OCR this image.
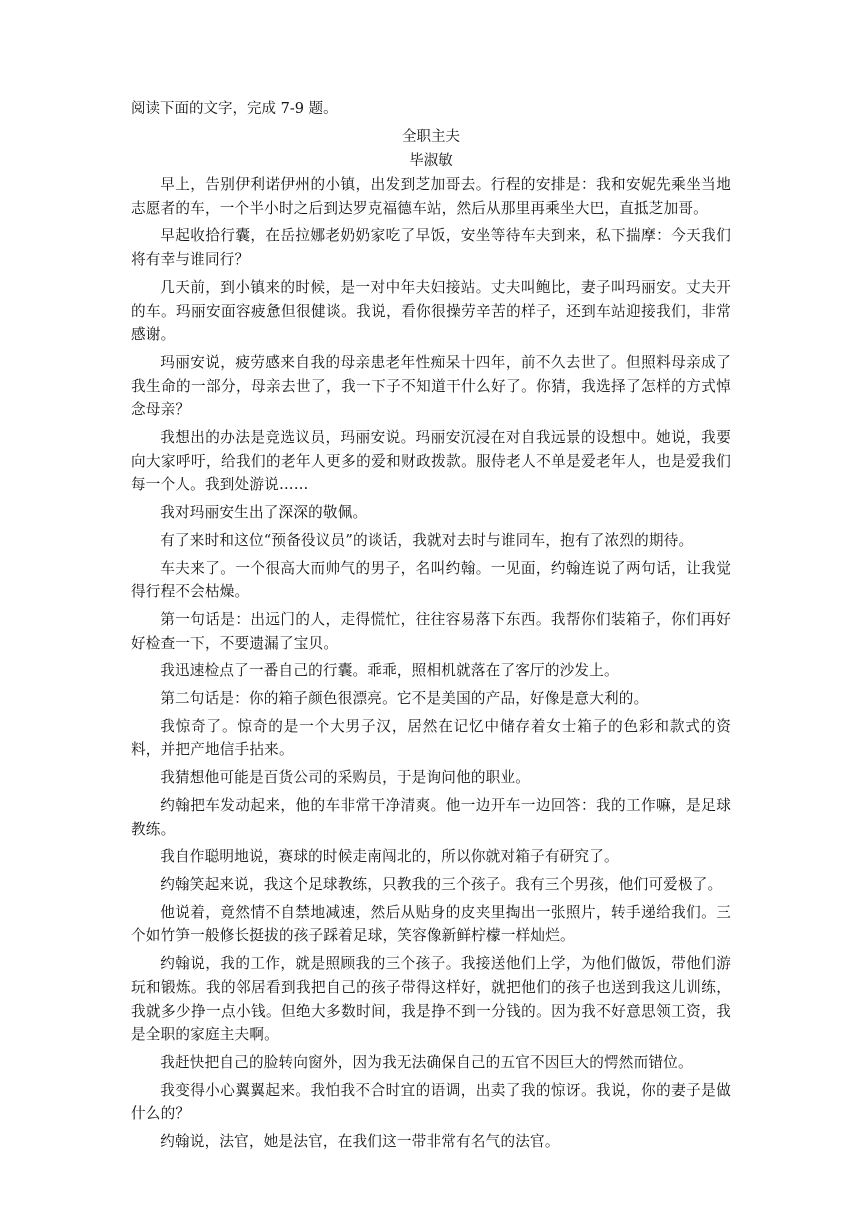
阅读下面的文字，完成 7-9 题。

全职主夫

毕淑敏

早上，告别伊利诺伊州的小镇，出发到芝加哥去。行程的安排是：我和安妮先乘坐当地志愿者的车，一个半小时之后到达罗克福德车站，然后从那里再乘坐大巴，直抵芝加哥。

早起收拾行囊，在岳拉娜老奶奶家吃了早饭，安坐等待车夫到来，私下揣摩：今天我们将有幸与谁同行？

几天前，到小镇来的时候，是一对中年夫妇接站。丈夫叫鲍比，妻子叫玛丽安。丈夫开的车。玛丽安面容疲惫但很健谈。我说，看你很操劳辛苦的样子，还到车站迎接我们，非常感谢。

玛丽安说，疲劳感来自我的母亲患老年性痴呆十四年，前不久去世了。但照料母亲成了我生命的一部分，母亲去世了，我一下子不知道干什么好了。你猜，我选择了怎样的方式悼念母亲？

我想出的办法是竞选议员，玛丽安说。玛丽安沉浸在对自我远景的设想中。她说，我要向大家呼吁，给我们的老年人更多的爱和财政拨款。服侍老人不单是爱老年人，也是爱我们每一个人。我到处游说……

我对玛丽安生出了深深的敬佩。

有了来时和这位“预备役议员”的谈话，我就对去时与谁同车，抱有了浓烈的期待。

车夫来了。一个很高大而帅气的男子，名叫约翰。一见面，约翰连说了两句话，让我觉得行程不会枯燥。

第一句话是：出远门的人，走得慌忙，往往容易落下东西。我帮你们装箱子，你们再好好检查一下，不要遗漏了宝贝。

我迅速检点了一番自己的行囊。乖乖，照相机就落在了客厅的沙发上。

第二句话是：你的箱子颜色很漂亮。它不是美国的产品，好像是意大利的。

我惊奇了。惊奇的是一个大男子汉，居然在记忆中储存着女士箱子的色彩和款式的资料，并把产地信手拈来。

我猜想他可能是百货公司的采购员，于是询问他的职业。

约翰把车发动起来，他的车非常干净清爽。他一边开车一边回答：我的工作嘛，是足球教练。

我自作聪明地说，赛球的时候走南闯北的，所以你就对箱子有研究了。

约翰笑起来说，我这个足球教练，只教我的三个孩子。我有三个男孩，他们可爱极了。

他说着，竟然情不自禁地减速，然后从贴身的皮夹里掏出一张照片，转手递给我们。三个如竹笋一般修长挺拔的孩子踩着足球，笑容像新鲜柠檬一样灿烂。

约翰说，我的工作，就是照顾我的三个孩子。我接送他们上学，为他们做饭，带他们游玩和锻炼。我的邻居看到我把自己的孩子带得这样好，就把他们的孩子也送到我这儿训练，我就多少挣一点小钱。但绝大多数时间，我是挣不到一分钱的。因为我不好意思领工资，我是全职的家庭主夫啊。

我赶快把自己的脸转向窗外，因为我无法确保自己的五官不因巨大的愕然而错位。

我变得小心翼翼起来。我怕我不合时宜的语调，出卖了我的惊讶。我说，你的妻子是做什么的？

约翰说，法官，她是法官，在我们这一带非常有名气的法官。
